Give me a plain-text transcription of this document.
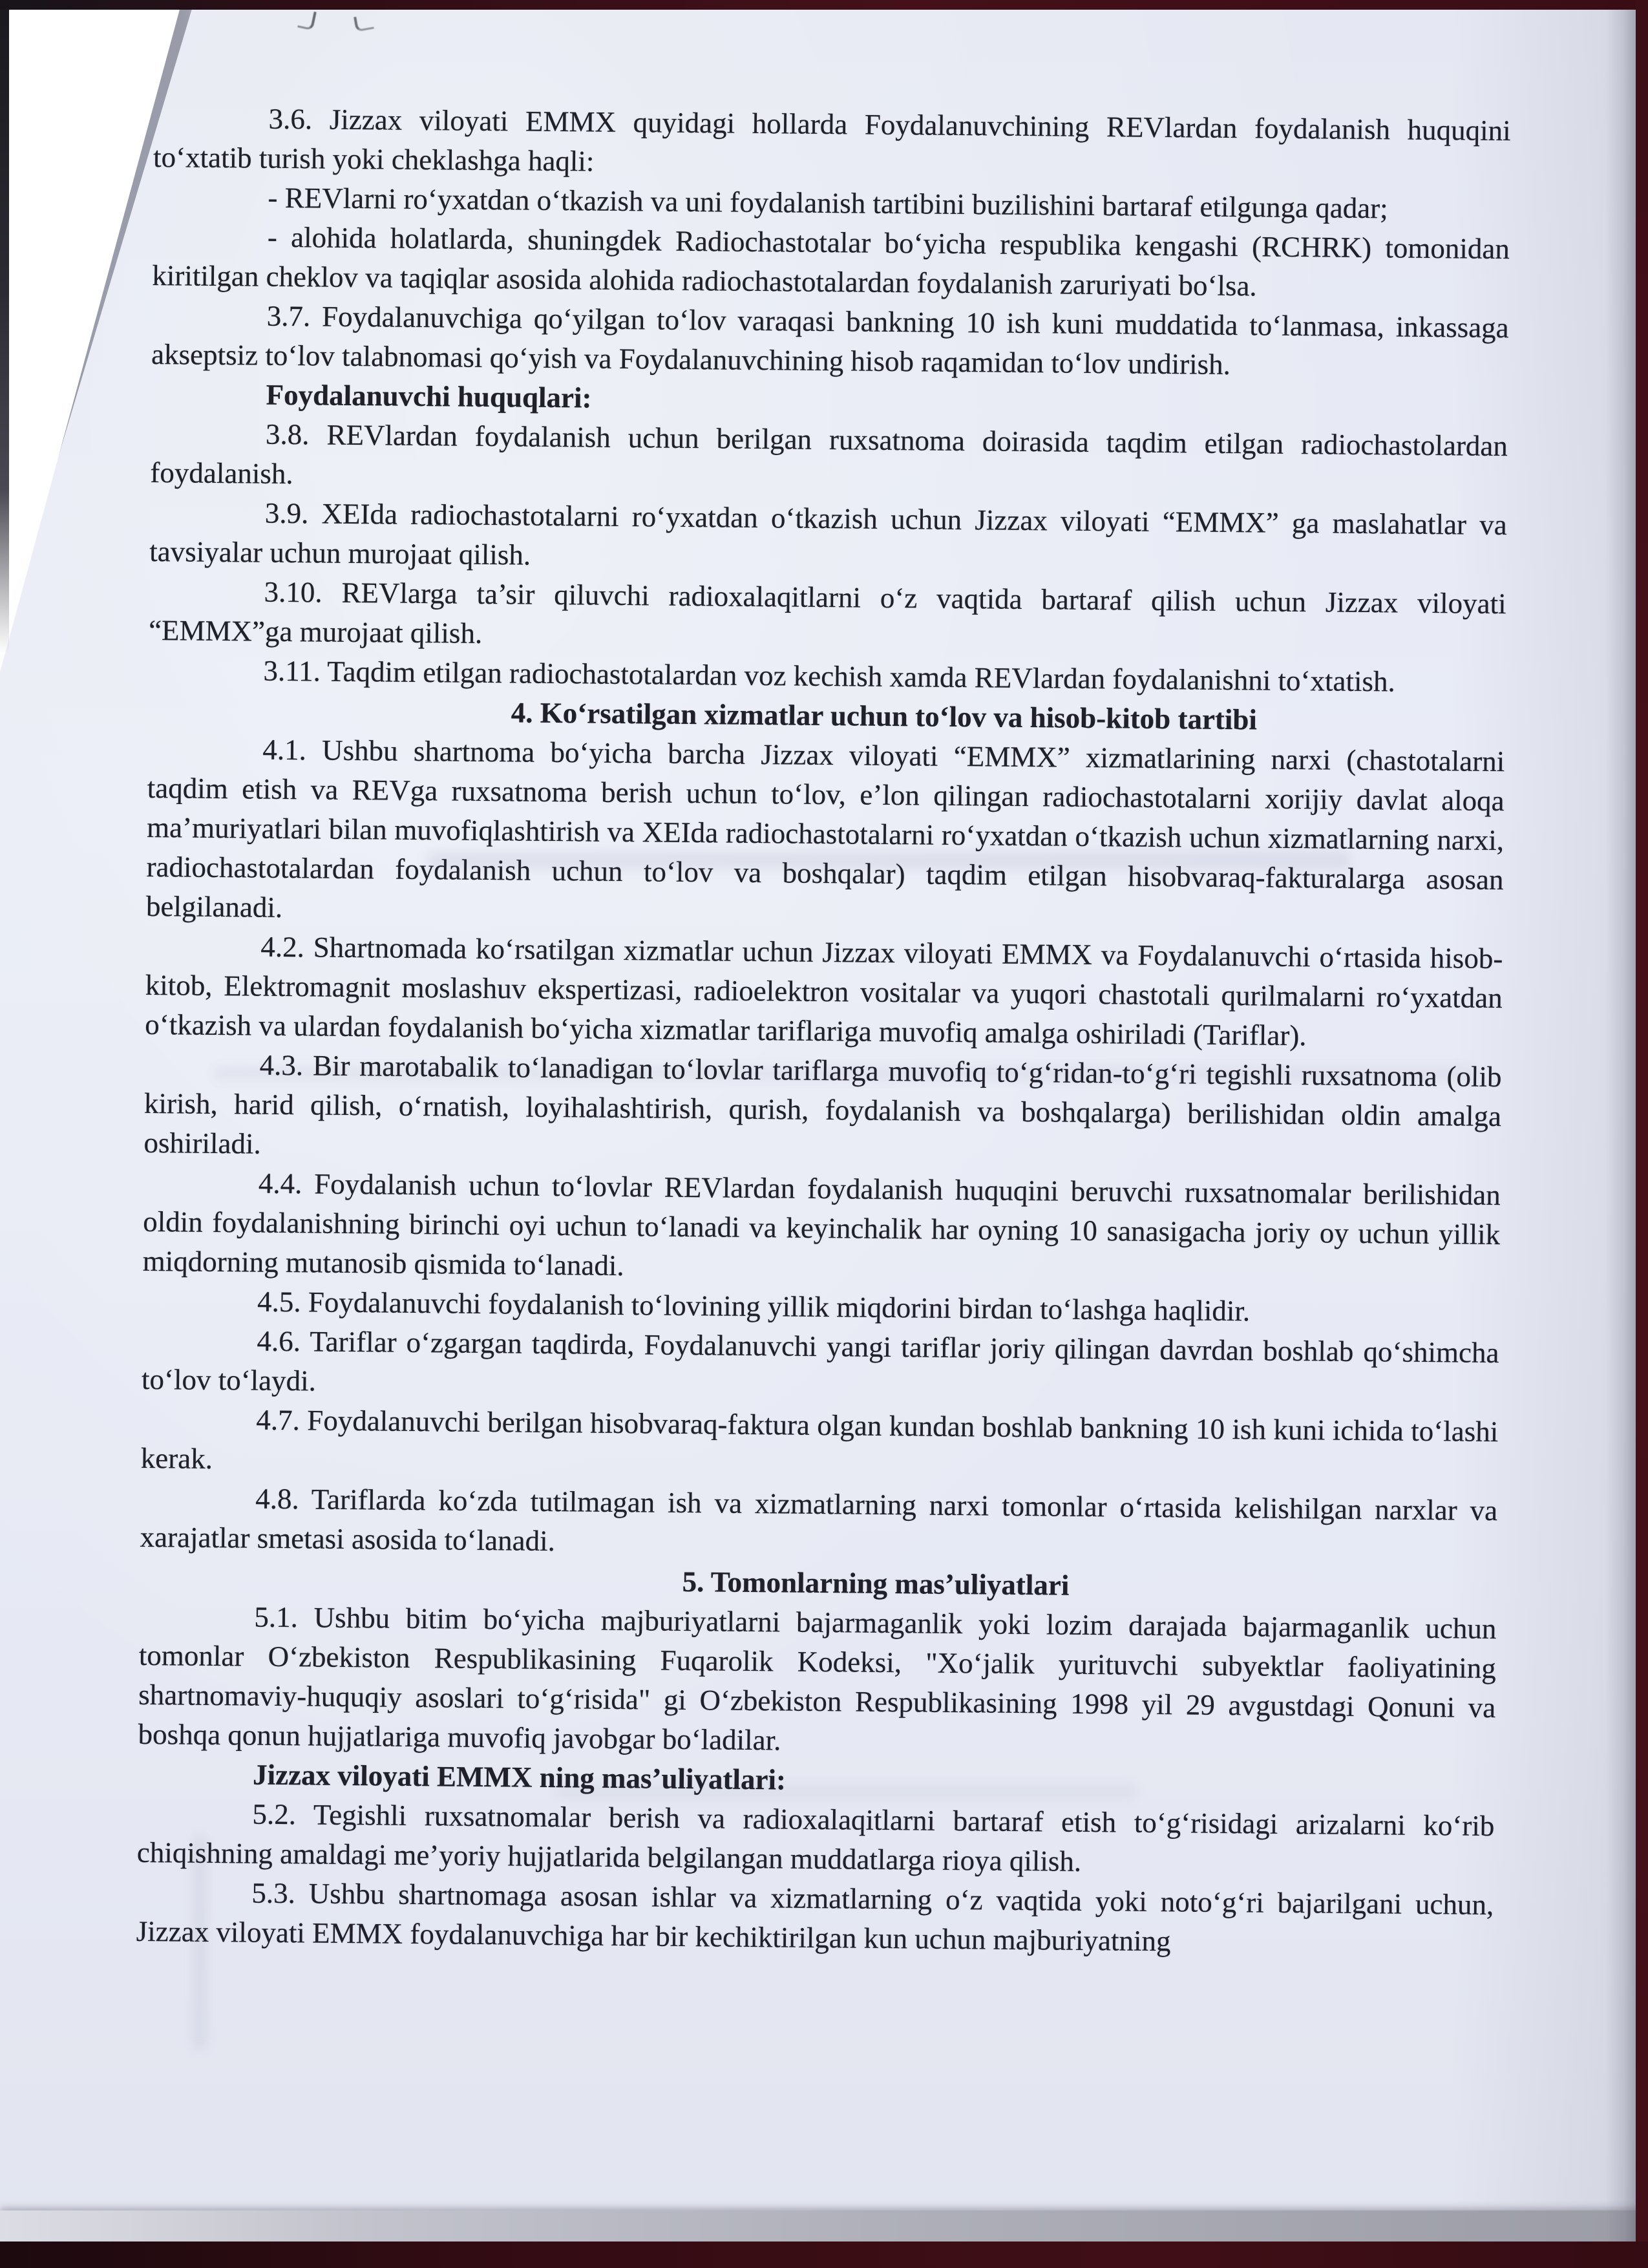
3.6. Jizzax viloyati EMMX quyidagi hollarda Foydalanuvchining REVlardan foydalanish huquqini to‘xtatib turish yoki cheklashga haqli:

- REVlarni ro‘yxatdan o‘tkazish va uni foydalanish tartibini buzilishini bartaraf etilgunga qadar;

- alohida holatlarda, shuningdek Radiochastotalar bo‘yicha respublika kengashi (RCHRK) tomonidan kiritilgan cheklov va taqiqlar asosida alohida radiochastotalardan foydalanish zaruriyati bo‘lsa.

3.7. Foydalanuvchiga qo‘yilgan to‘lov varaqasi bankning 10 ish kuni muddatida to‘lanmasa, inkassaga akseptsiz to‘lov talabnomasi qo‘yish va Foydalanuvchining hisob raqamidan to‘lov undirish.

Foydalanuvchi huquqlari:

3.8. REVlardan foydalanish uchun berilgan ruxsatnoma doirasida taqdim etilgan radiochastolardan foydalanish.

3.9. XEIda radiochastotalarni ro‘yxatdan o‘tkazish uchun Jizzax viloyati “EMMX” ga maslahatlar va tavsiyalar uchun murojaat qilish.

3.10. REVlarga ta’sir qiluvchi radioxalaqitlarni o‘z vaqtida bartaraf qilish uchun Jizzax viloyati “EMMX”ga murojaat qilish.

3.11. Taqdim etilgan radiochastotalardan voz kechish xamda REVlardan foydalanishni to‘xtatish.

4. Ko‘rsatilgan xizmatlar uchun to‘lov va hisob-kitob tartibi

4.1. Ushbu shartnoma bo‘yicha barcha Jizzax viloyati “EMMX” xizmatlarining narxi (chastotalarni taqdim etish va REVga ruxsatnoma berish uchun to‘lov, e’lon qilingan radiochastotalarni xorijiy davlat aloqa ma’muriyatlari bilan muvofiqlashtirish va XEIda radiochastotalarni ro‘yxatdan o‘tkazish uchun xizmatlarning narxi, radiochastotalardan foydalanish uchun to‘lov va boshqalar) taqdim etilgan hisobvaraq-fakturalarga asosan belgilanadi.

4.2. Shartnomada ko‘rsatilgan xizmatlar uchun Jizzax viloyati EMMX va Foydalanuvchi o‘rtasida hisob-kitob, Elektromagnit moslashuv ekspertizasi, radioelektron vositalar va yuqori chastotali qurilmalarni ro‘yxatdan o‘tkazish va ulardan foydalanish bo‘yicha xizmatlar tariflariga muvofiq amalga oshiriladi (Tariflar).

4.3. Bir marotabalik to‘lanadigan to‘lovlar tariflarga muvofiq to‘g‘ridan-to‘g‘ri tegishli ruxsatnoma (olib kirish, harid qilish, o‘rnatish, loyihalashtirish, qurish, foydalanish va boshqalarga) berilishidan oldin amalga oshiriladi.

4.4. Foydalanish uchun to‘lovlar REVlardan foydalanish huquqini beruvchi ruxsatnomalar berilishidan oldin foydalanishning birinchi oyi uchun to‘lanadi va keyinchalik har oyning 10 sanasigacha joriy oy uchun yillik miqdorning mutanosib qismida to‘lanadi.

4.5. Foydalanuvchi foydalanish to‘lovining yillik miqdorini birdan to‘lashga haqlidir.

4.6. Tariflar o‘zgargan taqdirda, Foydalanuvchi yangi tariflar joriy qilingan davrdan boshlab qo‘shimcha to‘lov to‘laydi.

4.7. Foydalanuvchi berilgan hisobvaraq-faktura olgan kundan boshlab bankning 10 ish kuni ichida to‘lashi kerak.

4.8. Tariflarda ko‘zda tutilmagan ish va xizmatlarning narxi tomonlar o‘rtasida kelishilgan narxlar va xarajatlar smetasi asosida to‘lanadi.

5. Tomonlarning mas’uliyatlari

5.1. Ushbu bitim bo‘yicha majburiyatlarni bajarmaganlik yoki lozim darajada bajarmaganlik uchun tomonlar O‘zbekiston Respublikasining Fuqarolik Kodeksi, "Xo‘jalik yurituvchi subyektlar faoliyatining shartnomaviy-huquqiy asoslari to‘g‘risida" gi O‘zbekiston Respublikasining 1998 yil 29 avgustdagi Qonuni va boshqa qonun hujjatlariga muvofiq javobgar bo‘ladilar.

Jizzax viloyati EMMX ning mas’uliyatlari:

5.2. Tegishli ruxsatnomalar berish va radioxalaqitlarni bartaraf etish to‘g‘risidagi arizalarni ko‘rib chiqishning amaldagi me’yoriy hujjatlarida belgilangan muddatlarga rioya qilish.

5.3. Ushbu shartnomaga asosan ishlar va xizmatlarning o‘z vaqtida yoki noto‘g‘ri bajarilgani uchun, Jizzax viloyati EMMX foydalanuvchiga har bir kechiktirilgan kun uchun majburiyatning
